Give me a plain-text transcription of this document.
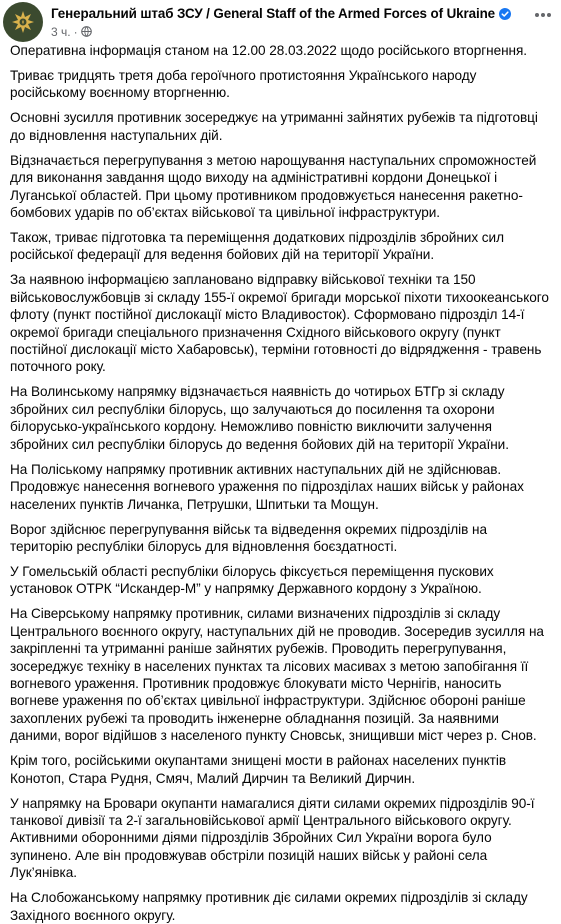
Генеральний штаб ЗСУ / General Staff of the Armed Forces of Ukraine
3 ч. ·

Оперативна інформація станом на 12.00 28.03.2022 щодо російського вторгнення.

Триває тридцять третя доба героїчного протистояння Українського народу російському воєнному вторгненню.

Основні зусилля противник зосереджує на утриманні зайнятих рубежів та підготовці до відновлення наступальних дій.

Відзначається перегрупування з метою нарощування наступальних спроможностей для виконання завдання щодо виходу на адміністративні кордони Донецької і Луганської областей. При цьому противником продовжується нанесення ракетно-бомбових ударів по об’єктах військової та цивільної інфраструктури.

Також, триває підготовка та переміщення додаткових підрозділів збройних сил російської федерації для ведення бойових дій на території України.

За наявною інформацією заплановано відправку військової техніки та 150 військовослужбовців зі складу 155-ї окремої бригади морської піхоти тихоокеанського флоту (пункт постійної дислокації місто Владивосток). Сформовано підрозділ 14-ї окремої бригади спеціального призначення Східного військового округу (пункт постійної дислокації місто Хабаровськ), терміни готовності до відрядження - травень поточного року.

На Волинському напрямку відзначається наявність до чотирьох БТГр зі складу збройних сил республіки білорусь, що залучаються до посилення та охорони білорусько-українського кордону. Неможливо повністю виключити залучення збройних сил республіки білорусь до ведення бойових дій на території України.

На Поліському напрямку противник активних наступальних дій не здійснював. Продовжує нанесення вогневого ураження по підрозділах наших військ у районах населених пунктів Личанка, Петрушки, Шпитьки та Мощун.

Ворог здійснює перегрупування військ та відведення окремих підрозділів на територію республіки білорусь для відновлення боєздатності.

У Гомельській області республіки білорусь фіксується переміщення пускових установок ОТРК “Искандер-М” у напрямку Державного кордону з Україною.

На Сіверському напрямку противник, силами визначених підрозділів зі складу Центрального воєнного округу, наступальних дій не проводив. Зосередив зусилля на закріпленні та утриманні раніше зайнятих рубежів. Проводить перегрупування, зосереджує техніку в населених пунктах та лісових масивах з метою запобігання її вогневого ураження. Противник продовжує блокувати місто Чернігів, наносить вогневе ураження по об’єктах цивільної інфраструктури. Здійснює обороні раніше захоплених рубежі та проводить інженерне обладнання позицій. За наявними даними, ворог відійшов з населеного пункту Сновськ, знищивши міст через р. Снов.

Крім того, російськими окупантами знищені мости в районах населених пунктів Конотоп, Стара Рудня, Смяч, Малий Дирчин та Великий Дирчин.

У напрямку на Бровари окупанти намагалися діяти силами окремих підрозділів 90-ї танкової дивізії та 2-ї загальновійськової армії Центрального військового округу. Активними оборонними діями підрозділів Збройних Сил України ворога було зупинено. Але він продовжував обстріли позицій наших військ у районі села Лук’янівка.

На Слобожанському напрямку противник діє силами окремих підрозділів зі складу Західного воєнного округу.
